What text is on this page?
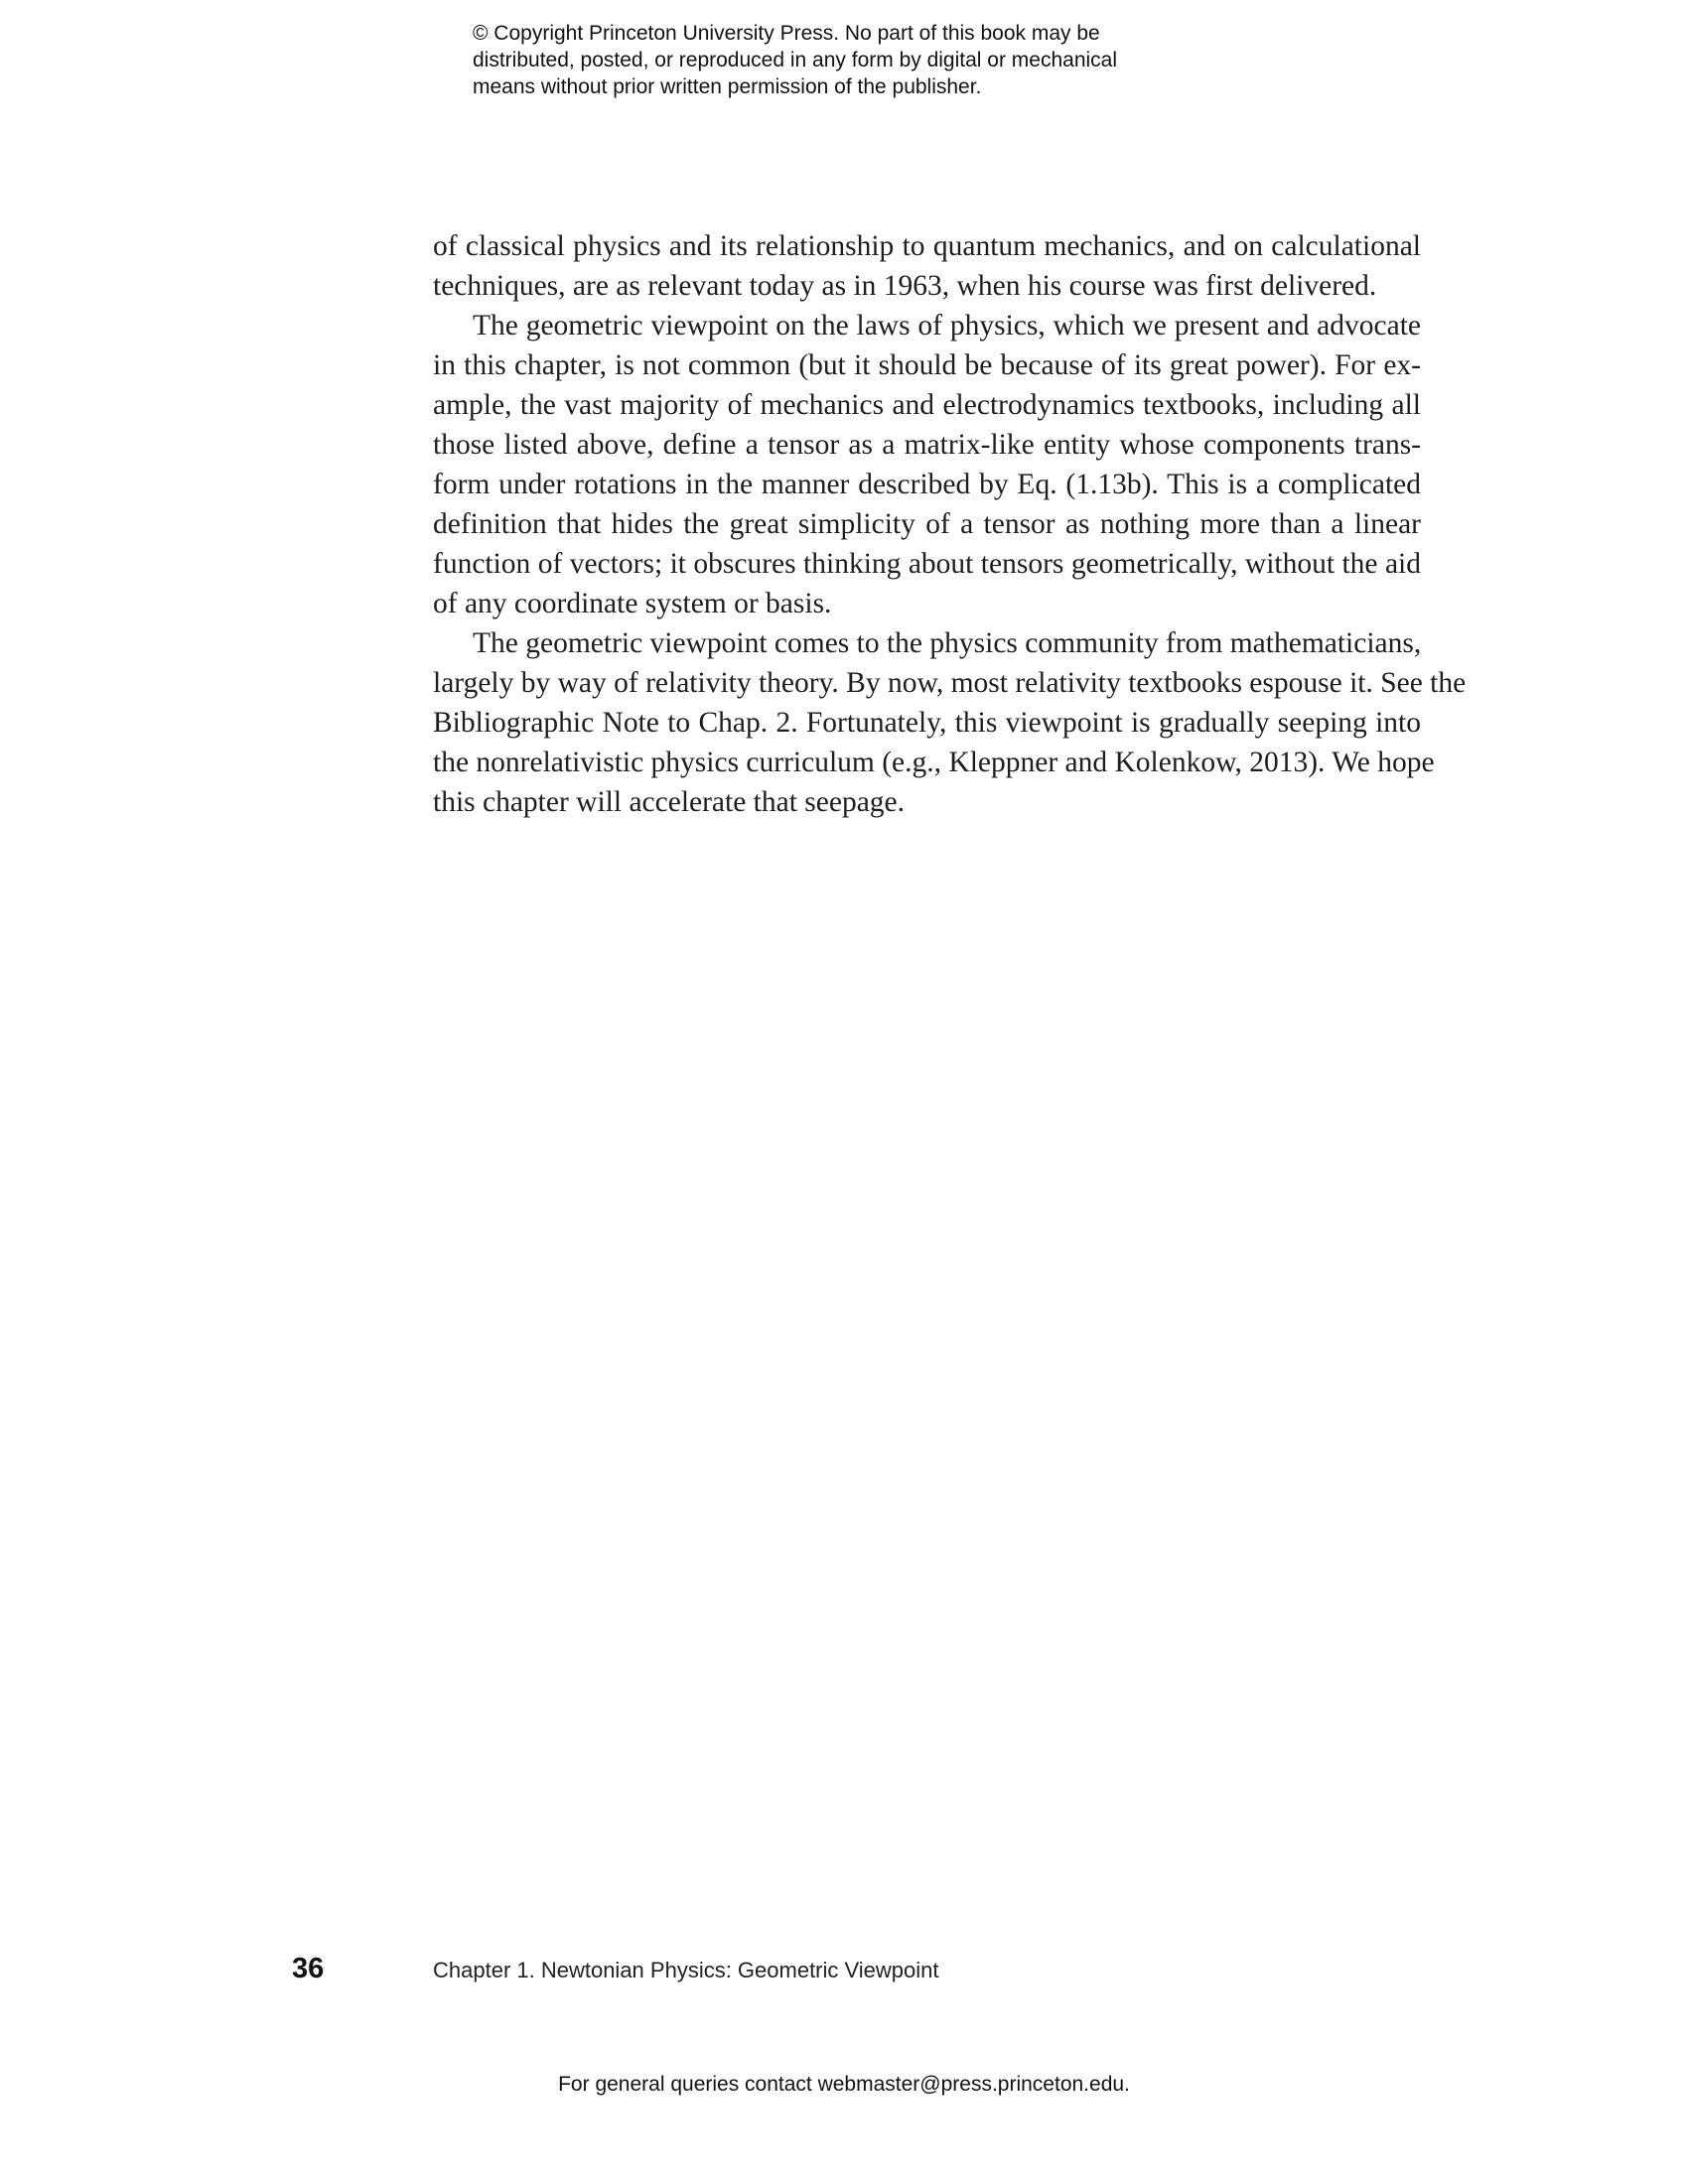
© Copyright Princeton University Press. No part of this book may be
distributed, posted, or reproduced in any form by digital or mechanical
means without prior written permission of the publisher.

of classical physics and its relationship to quantum mechanics, and on calculational
techniques, are as relevant today as in 1963, when his course was first delivered.

The geometric viewpoint on the laws of physics, which we present and advocate
in this chapter, is not common (but it should be because of its great power). For ex-
ample, the vast majority of mechanics and electrodynamics textbooks, including all
those listed above, define a tensor as a matrix-like entity whose components trans-
form under rotations in the manner described by Eq. (1.13b). This is a complicated
definition that hides the great simplicity of a tensor as nothing more than a linear
function of vectors; it obscures thinking about tensors geometrically, without the aid
of any coordinate system or basis.

The geometric viewpoint comes to the physics community from mathematicians,
largely by way of relativity theory. By now, most relativity textbooks espouse it. See the
Bibliographic Note to Chap. 2. Fortunately, this viewpoint is gradually seeping into
the nonrelativistic physics curriculum (e.g., Kleppner and Kolenkow, 2013). We hope
this chapter will accelerate that seepage.

36	Chapter 1. Newtonian Physics: Geometric Viewpoint
For general queries contact webmaster@press.princeton.edu.
